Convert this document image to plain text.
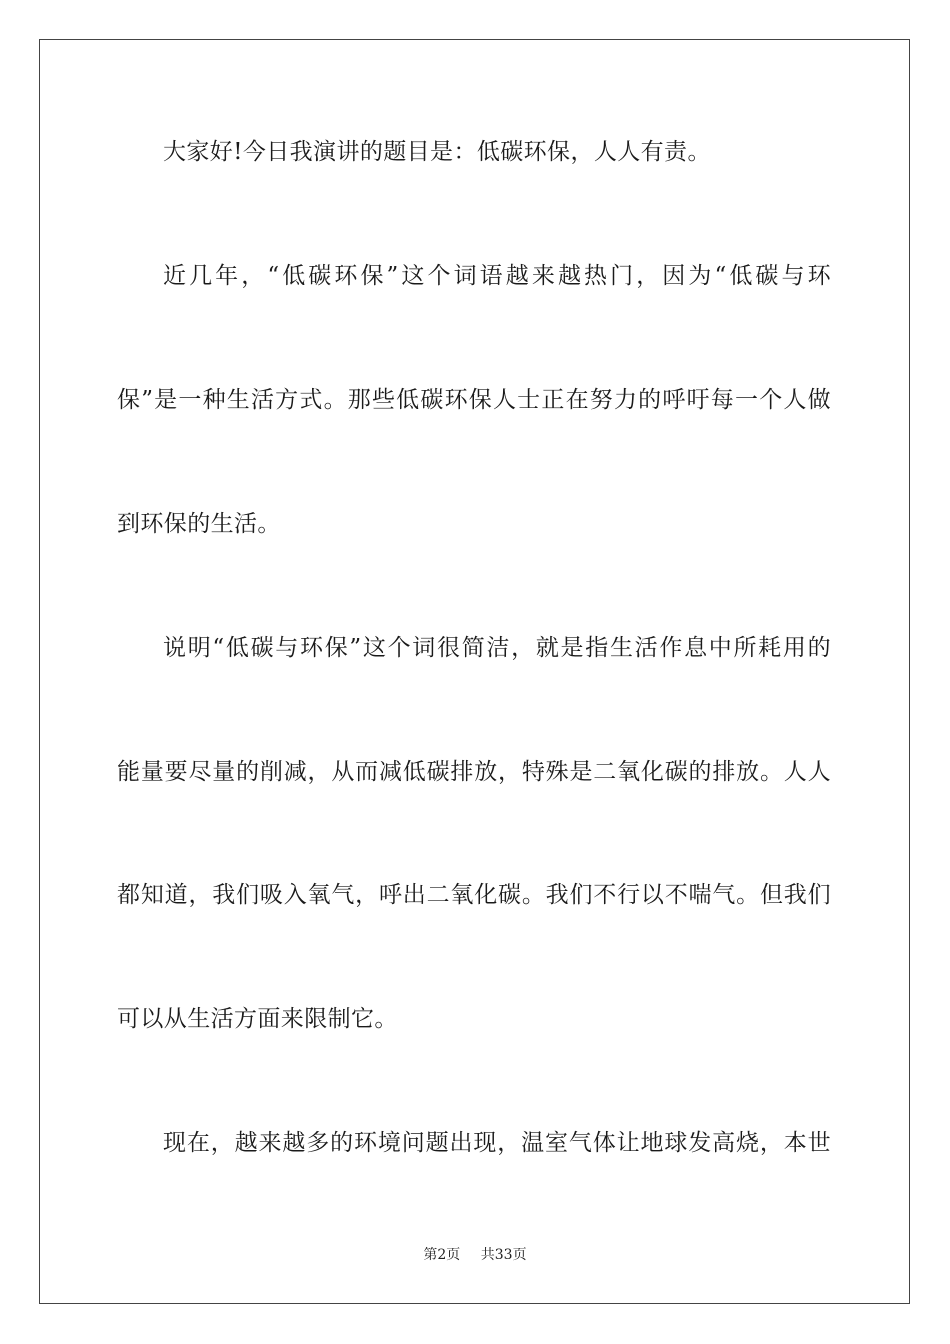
大家好!今日我演讲的题目是：低碳环保，人人有责。
近几年，“低碳环保”这个词语越来越热门，因为“低碳与环
保”是一种生活方式。那些低碳环保人士正在努力的呼吁每一个人做
到环保的生活。
说明“低碳与环保”这个词很简洁，就是指生活作息中所耗用的
能量要尽量的削减，从而减低碳排放，特殊是二氧化碳的排放。人人
都知道，我们吸入氧气，呼出二氧化碳。我们不行以不喘气。但我们
可以从生活方面来限制它。
现在，越来越多的环境问题出现，温室气体让地球发高烧，本世
第2页 共33页
